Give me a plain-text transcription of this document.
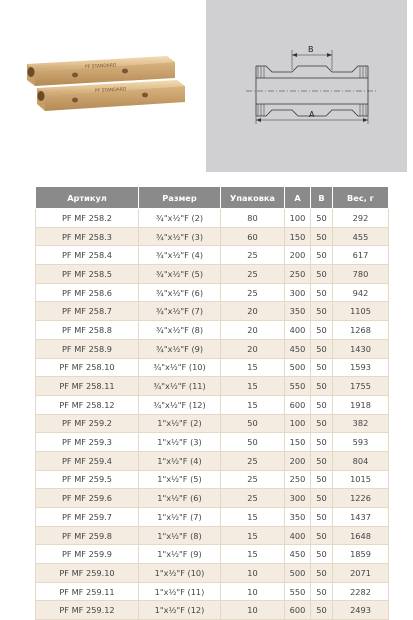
PF STANDARD
PF STANDARD
B
A
Артикул	Размер	Упаковка	A	B	Вес, г
PF MF 258.2	¾"x½"F (2)	80	100	50	292
PF MF 258.3	¾"x½"F (3)	60	150	50	455
PF MF 258.4	¾"x½"F (4)	25	200	50	617
PF MF 258.5	¾"x½"F (5)	25	250	50	780
PF MF 258.6	¾"x½"F (6)	25	300	50	942
PF MF 258.7	¾"x½"F (7)	20	350	50	1105
PF MF 258.8	¾"x½"F (8)	20	400	50	1268
PF MF 258.9	¾"x½"F (9)	20	450	50	1430
PF MF 258.10	¾"x½"F (10)	15	500	50	1593
PF MF 258.11	¾"x½"F (11)	15	550	50	1755
PF MF 258.12	¾"x½"F (12)	15	600	50	1918
PF MF 259.2	1"x½"F (2)	50	100	50	382
PF MF 259.3	1"x½"F (3)	50	150	50	593
PF MF 259.4	1"x½"F (4)	25	200	50	804
PF MF 259.5	1"x½"F (5)	25	250	50	1015
PF MF 259.6	1"x½"F (6)	25	300	50	1226
PF MF 259.7	1"x½"F (7)	15	350	50	1437
PF MF 259.8	1"x½"F (8)	15	400	50	1648
PF MF 259.9	1"x½"F (9)	15	450	50	1859
PF MF 259.10	1"x½"F (10)	10	500	50	2071
PF MF 259.11	1"x½"F (11)	10	550	50	2282
PF MF 259.12	1"x½"F (12)	10	600	50	2493
